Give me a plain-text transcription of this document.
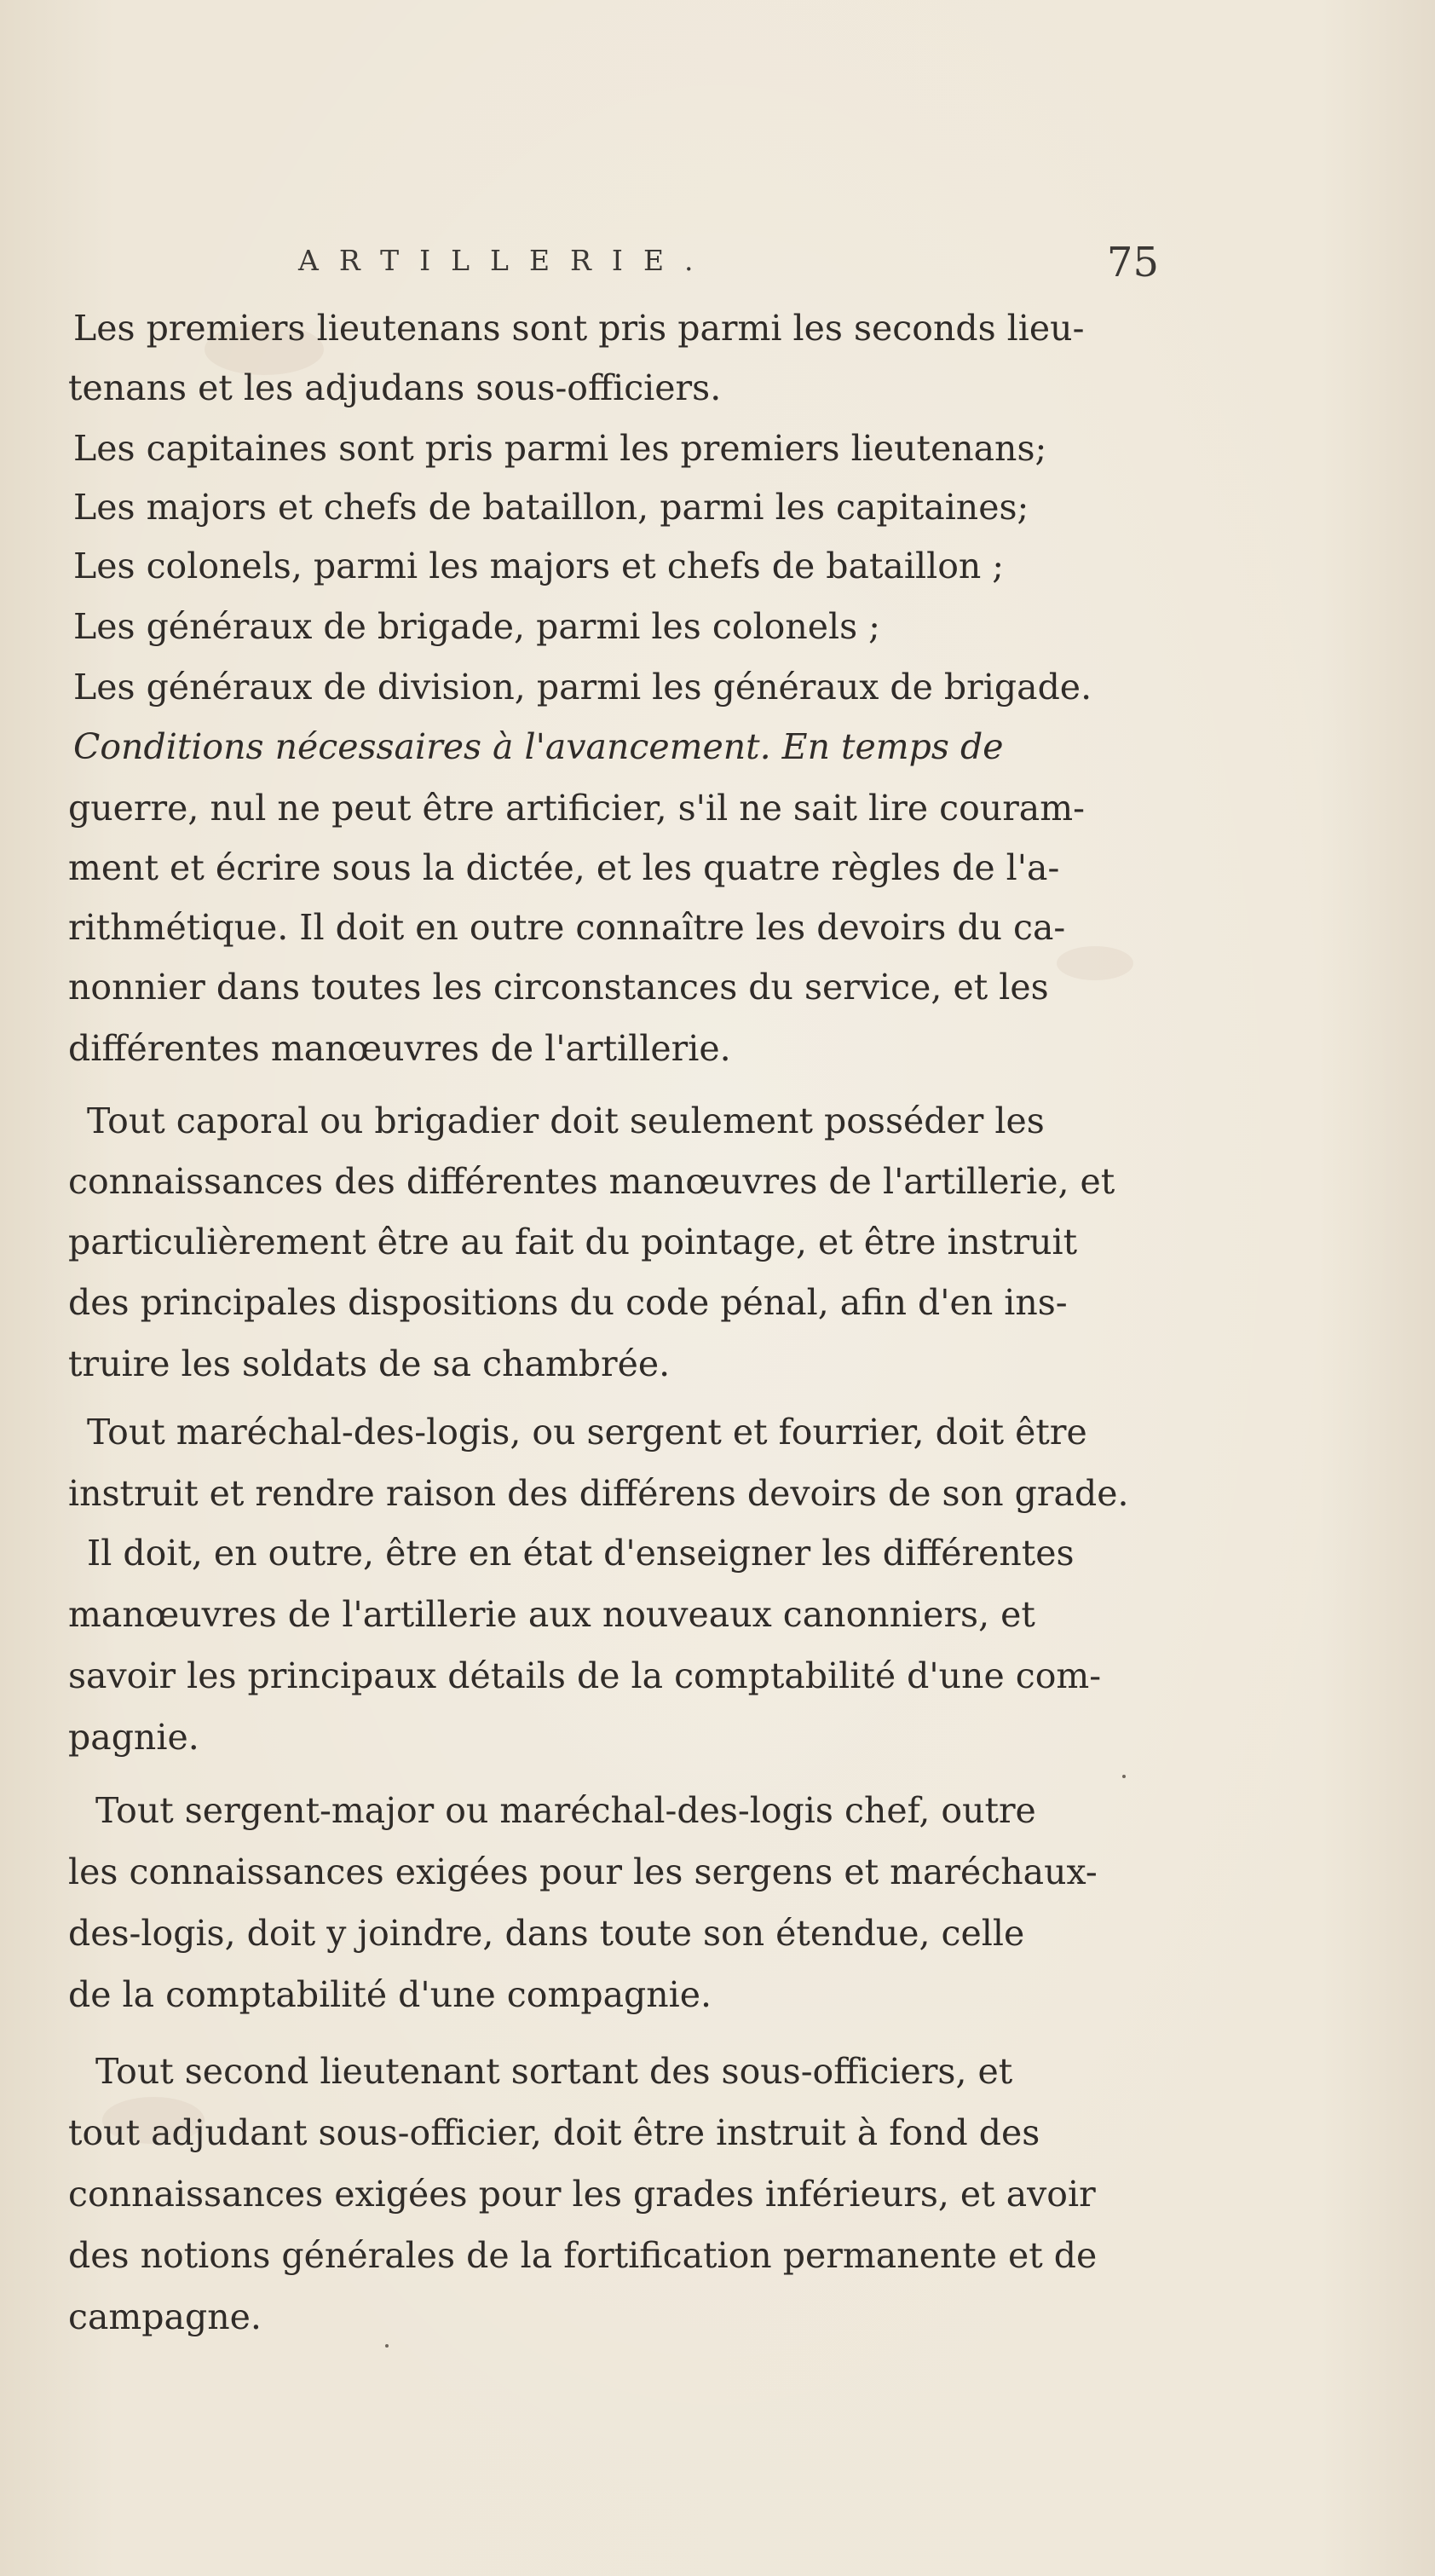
ARTILLERIE.	75
Les premiers lieutenans sont pris parmi les seconds lieu-
tenans et les adjudans sous-officiers.
Les capitaines sont pris parmi les premiers lieutenans;
Les majors et chefs de bataillon, parmi les capitaines;
Les colonels, parmi les majors et chefs de bataillon ;
Les généraux de brigade, parmi les colonels ;
Les généraux de division, parmi les généraux de brigade.
Conditions nécessaires à l'avancement. En temps de
guerre, nul ne peut être artificier, s'il ne sait lire couram-
ment et écrire sous la dictée, et les quatre règles de l'a-
rithmétique. Il doit en outre connaître les devoirs du ca-
nonnier dans toutes les circonstances du service, et les
différentes manœuvres de l'artillerie.
Tout caporal ou brigadier doit seulement posséder les
connaissances des différentes manœuvres de l'artillerie, et
particulièrement être au fait du pointage, et être instruit
des principales dispositions du code pénal, afin d'en ins-
truire les soldats de sa chambrée.
Tout maréchal-des-logis, ou sergent et fourrier, doit être
instruit et rendre raison des différens devoirs de son grade.
Il doit, en outre, être en état d'enseigner les différentes
manœuvres de l'artillerie aux nouveaux canonniers, et
savoir les principaux détails de la comptabilité d'une com-
pagnie.
Tout sergent-major ou maréchal-des-logis chef, outre
les connaissances exigées pour les sergens et maréchaux-
des-logis, doit y joindre, dans toute son étendue, celle
de la comptabilité d'une compagnie.
Tout second lieutenant sortant des sous-officiers, et
tout adjudant sous-officier, doit être instruit à fond des
connaissances exigées pour les grades inférieurs, et avoir
des notions générales de la fortification permanente et de
campagne.
